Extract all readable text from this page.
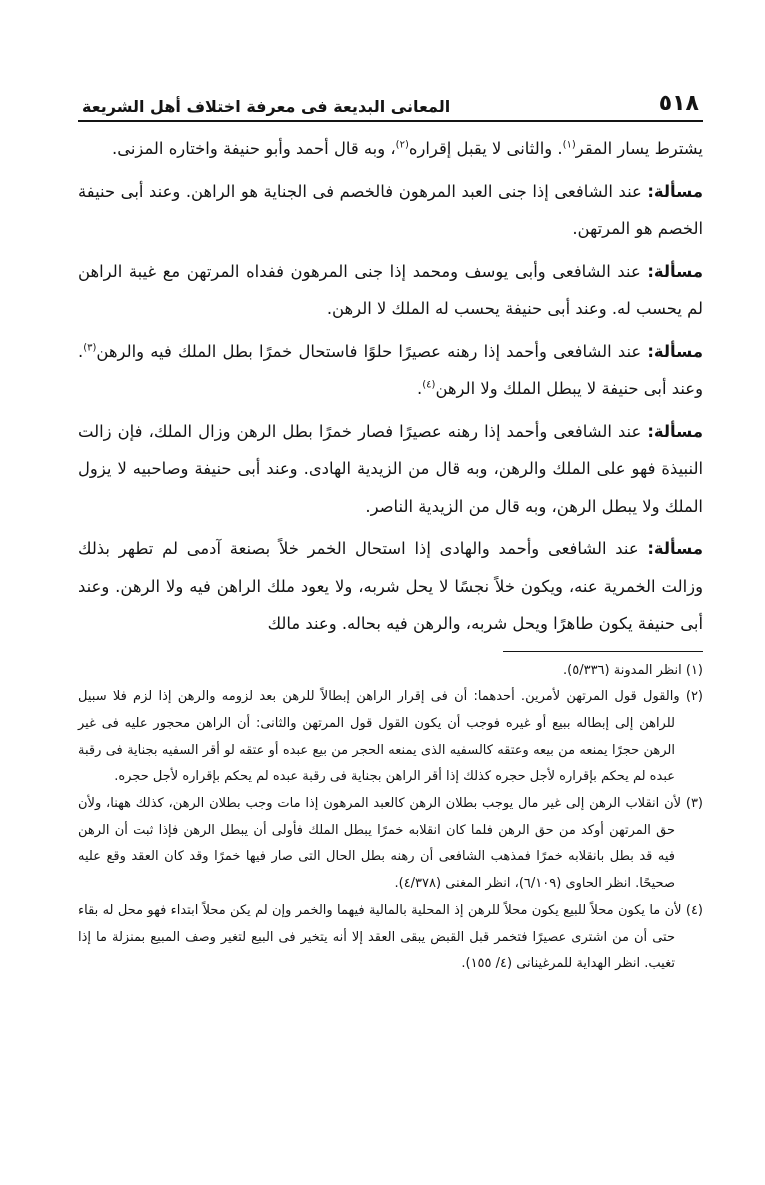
٥١٨
المعانى البديعة فى معرفة اختلاف أهل الشريعة

يشترط يسار المقر$^{(١)}$. والثانى لا يقبل إقراره$^{(٢)}$، وبه قال أحمد وأبو حنيفة واختاره المزنى.

مسألة: عند الشافعى إذا جنى العبد المرهون فالخصم فى الجناية هو الراهن. وعند أبى حنيفة الخصم هو المرتهن.

مسألة: عند الشافعى وأبى يوسف ومحمد إذا جنى المرهون ففداه المرتهن مع غيبة الراهن لم يحسب له. وعند أبى حنيفة يحسب له الملك لا الرهن.

مسألة: عند الشافعى وأحمد إذا رهنه عصيرًا حلوًا فاستحال خمرًا بطل الملك فيه والرهن$^{(٣)}$. وعند أبى حنيفة لا يبطل الملك ولا الرهن$^{(٤)}$.

مسألة: عند الشافعى وأحمد إذا رهنه عصيرًا فصار خمرًا بطل الرهن وزال الملك، فإن زالت النبيذة فهو على الملك والرهن، وبه قال من الزيدية الهادى. وعند أبى حنيفة وصاحبيه لا يزول الملك ولا يبطل الرهن، وبه قال من الزيدية الناصر.

مسألة: عند الشافعى وأحمد والهادى إذا استحال الخمر خلاً بصنعة آدمى لم تطهر بذلك وزالت الخمرية عنه، ويكون خلاً نجسًا لا يحل شربه، ولا يعود ملك الراهن فيه ولا الرهن. وعند أبى حنيفة يكون طاهرًا ويحل شربه، والرهن فيه بحاله. وعند مالك

(١) انظر المدونة (٥/٣٣٦).

(٢) والقول قول المرتهن لأمرين. أحدهما: أن فى إقرار الراهن إبطالاً للرهن بعد لزومه والرهن إذا لزم فلا سبيل للراهن إلى إبطاله ببيع أو غيره فوجب أن يكون القول قول المرتهن والثانى: أن الراهن محجور عليه فى غير الرهن حجرًا يمنعه من بيعه وعتقه كالسفيه الذى يمنعه الحجر من بيع عبده أو عتقه لو أقر السفيه بجناية فى رقبة عبده لم يحكم بإقراره لأجل حجره كذلك إذا أقر الراهن بجناية فى رقبة عبده لم يحكم بإقراره لأجل حجره.

(٣) لأن انقلاب الرهن إلى غير مال يوجب بطلان الرهن كالعبد المرهون إذا مات وجب بطلان الرهن، كذلك ههنا، ولأن حق المرتهن أوكد من حق الرهن فلما كان انقلابه خمرًا يبطل الملك فأولى أن يبطل الرهن فإذا ثبت أن الرهن فيه قد بطل بانقلابه خمرًا فمذهب الشافعى أن رهنه بطل الحال التى صار فيها خمرًا وقد كان العقد وقع عليه صحيحًا. انظر الحاوى (٦/١٠٩)، انظر المغنى (٤/٣٧٨).

(٤) لأن ما يكون محلاً للبيع يكون محلاً للرهن إذ المحلية بالمالية فيهما والخمر وإن لم يكن محلاً ابتداء فهو محل له بقاء حتى أن من اشترى عصيرًا فتخمر قبل القبض يبقى العقد إلا أنه يتخير فى البيع لتغير وصف المبيع بمنزلة ما إذا تغيب. انظر الهداية للمرغينانى (٤/ ١٥٥).
